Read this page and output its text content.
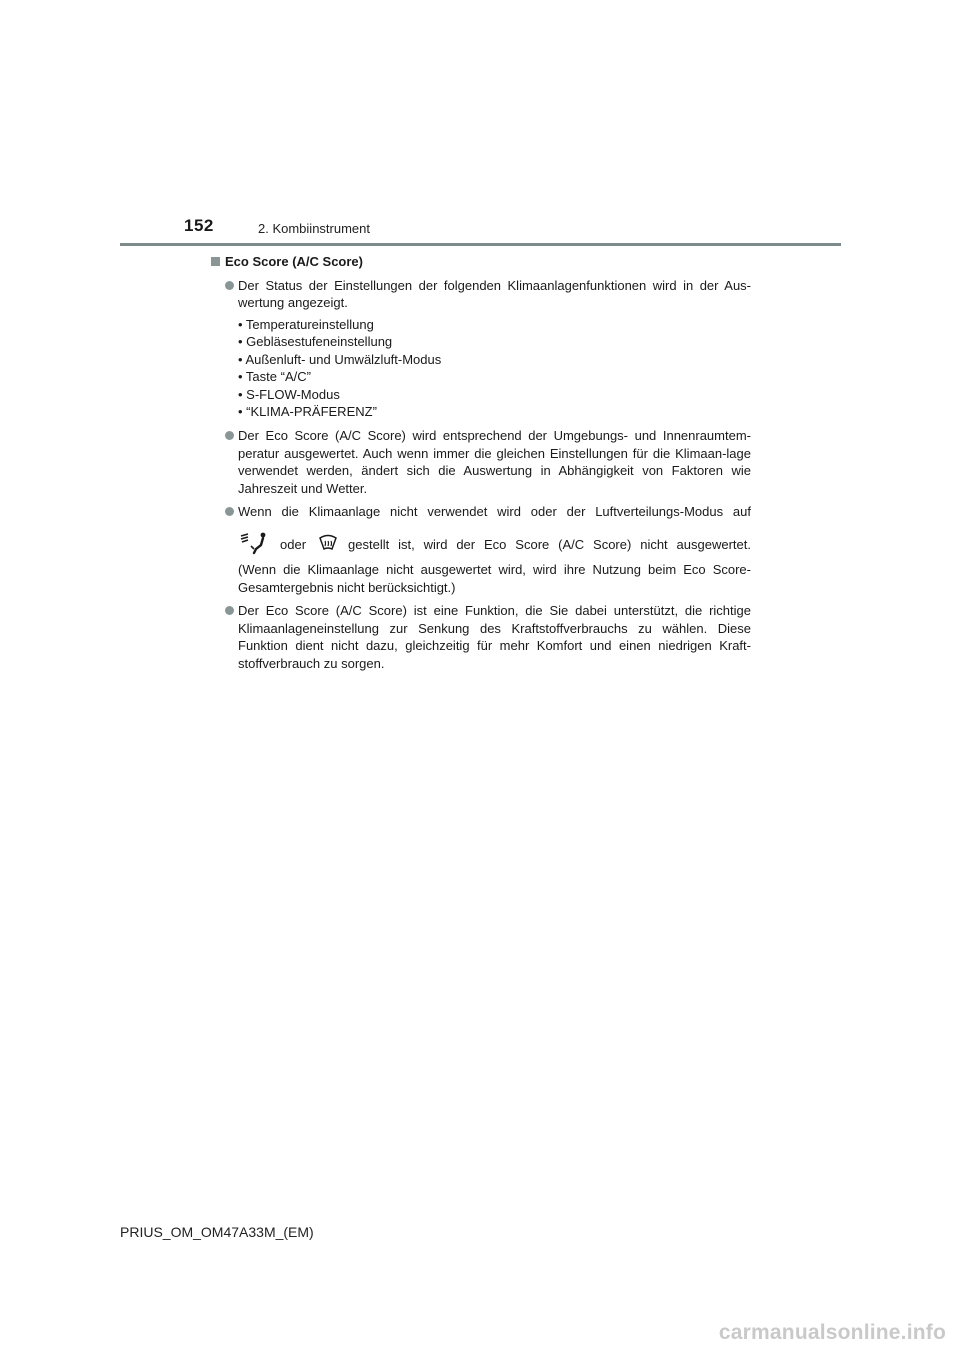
152	2. Kombiinstrument
Eco Score (A/C Score)
Der Status der Einstellungen der folgenden Klimaanlagenfunktionen wird in der Aus-wertung angezeigt.
• Temperatureinstellung
• Gebläsestufeneinstellung
• Außenluft- und Umwälzluft-Modus
• Taste “A/C”
• S-FLOW-Modus
• “KLIMA-PRÄFERENZ”
Der Eco Score (A/C Score) wird entsprechend der Umgebungs- und Innenraumtem-peratur ausgewertet. Auch wenn immer die gleichen Einstellungen für die Klimaan-lage verwendet werden, ändert sich die Auswertung in Abhängigkeit von Faktoren wie Jahreszeit und Wetter.
Wenn die Klimaanlage nicht verwendet wird oder der Luftverteilungs-Modus auf
oder	gestellt ist, wird der Eco Score (A/C Score) nicht ausgewertet.
(Wenn die Klimaanlage nicht ausgewertet wird, wird ihre Nutzung beim Eco Score-Gesamtergebnis nicht berücksichtigt.)
Der Eco Score (A/C Score) ist eine Funktion, die Sie dabei unterstützt, die richtige Klimaanlageneinstellung zur Senkung des Kraftstoffverbrauchs zu wählen. Diese Funktion dient nicht dazu, gleichzeitig für mehr Komfort und einen niedrigen Kraft-stoffverbrauch zu sorgen.
PRIUS_OM_OM47A33M_(EM)
carmanualsonline.info
